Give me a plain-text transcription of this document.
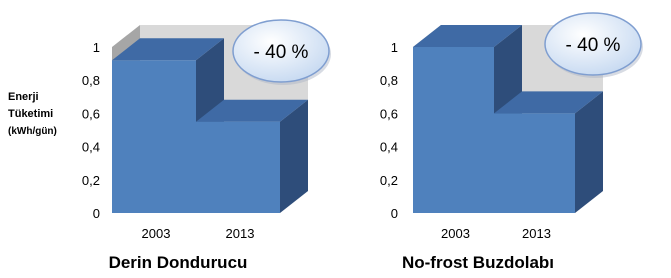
Enerji
Tüketimi
(kWh/gün)
0
0,2
0,4
0,6
0,8
1
2003	2013
- 40 %
Derin Dondurucu
0
0,2
0,4
0,6
0,8
1
2003	2013
- 40 %
No-frost Buzdolabı
